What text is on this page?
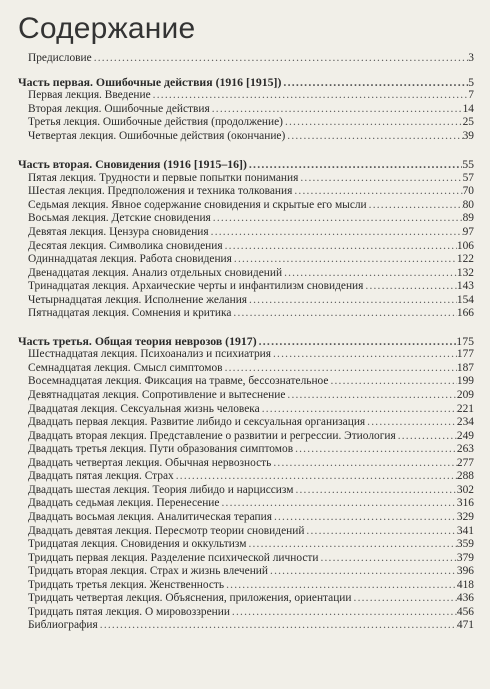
Содержание
Предисловие .....	3
Часть первая. Ошибочные действия (1916 [1915]) .....	5
Первая лекция. Введение .....	7
Вторая лекция. Ошибочные действия .....	14
Третья лекция. Ошибочные действия (продолжение) .....	25
Четвертая лекция. Ошибочные действия (окончание) .....	39
Часть вторая. Сновидения (1916 [1915–16]) .....	55
Пятая лекция. Трудности и первые попытки понимания .....	57
Шестая лекция. Предположения и техника толкования .....	70
Седьмая лекция. Явное содержание сновидения и скрытые его мысли .....	80
Восьмая лекция. Детские сновидения .....	89
Девятая лекция. Цензура сновидения .....	97
Десятая лекция. Символика сновидения .....	106
Одиннадцатая лекция. Работа сновидения .....	122
Двенадцатая лекция. Анализ отдельных сновидений .....	132
Тринадцатая лекция. Архаические черты и инфантилизм сновидения .....	143
Четырнадцатая лекция. Исполнение желания .....	154
Пятнадцатая лекция. Сомнения и критика .....	166
Часть третья. Общая теория неврозов (1917) .....	175
Шестнадцатая лекция. Психоанализ и психиатрия .....	177
Семнадцатая лекция. Смысл симптомов .....	187
Восемнадцатая лекция. Фиксация на травме, бессознательное .....	199
Девятнадцатая лекция. Сопротивление и вытеснение .....	209
Двадцатая лекция. Сексуальная жизнь человека .....	221
Двадцать первая лекция. Развитие либидо и сексуальная организация .....	234
Двадцать вторая лекция. Представление о развитии и регрессии. Этиология .....	249
Двадцать третья лекция. Пути образования симптомов .....	263
Двадцать четвертая лекция. Обычная нервозность .....	277
Двадцать пятая лекция. Страх .....	288
Двадцать шестая лекция. Теория либидо и нарциссизм .....	302
Двадцать седьмая лекция. Перенесение .....	316
Двадцать восьмая лекция. Аналитическая терапия .....	329
Двадцать девятая лекция. Пересмотр теории сновидений .....	341
Тридцатая лекция. Сновидения и оккультизм .....	359
Тридцать первая лекция. Разделение психической личности .....	379
Тридцать вторая лекция. Страх и жизнь влечений .....	396
Тридцать третья лекция. Женственность .....	418
Тридцать четвертая лекция. Объяснения, приложения, ориентации .....	436
Тридцать пятая лекция. О мировоззрении .....	456
Библиография .....	471
